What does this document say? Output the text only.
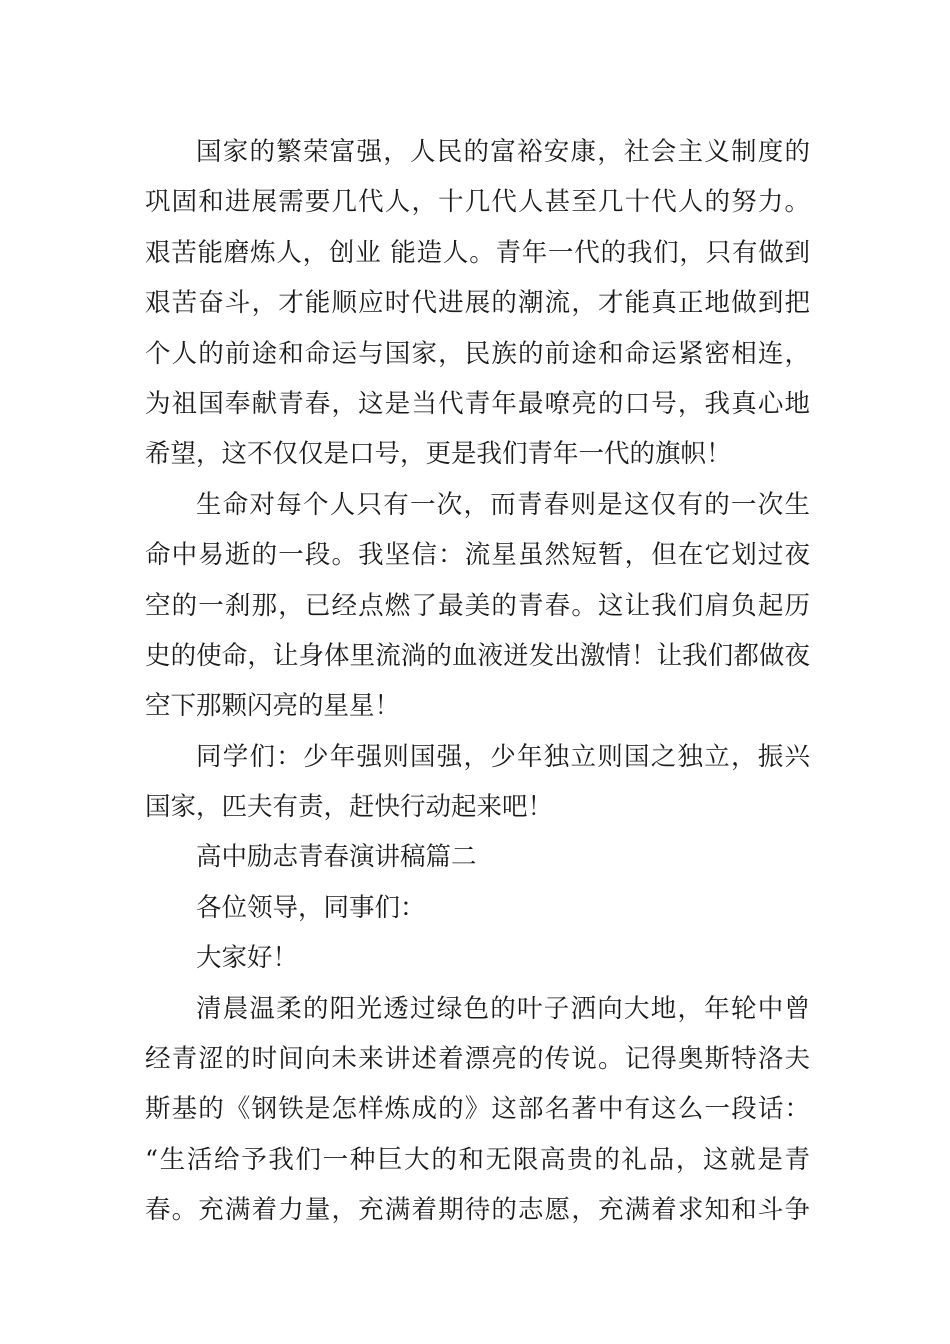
国家的繁荣富强，人民的富裕安康，社会主义制度的
巩固和进展需要几代人，十几代人甚至几十代人的努力。
艰苦能磨炼人，创业 能造人。青年一代的我们，只有做到
艰苦奋斗，才能顺应时代进展的潮流，才能真正地做到把
个人的前途和命运与国家，民族的前途和命运紧密相连，
为祖国奉献青春，这是当代青年最嘹亮的口号，我真心地
希望，这不仅仅是口号，更是我们青年一代的旗帜！
生命对每个人只有一次，而青春则是这仅有的一次生
命中易逝的一段。我坚信：流星虽然短暂，但在它划过夜
空的一刹那，已经点燃了最美的青春。这让我们肩负起历
史的使命，让身体里流淌的血液迸发出激情！让我们都做夜
空下那颗闪亮的星星！
同学们：少年强则国强，少年独立则国之独立，振兴
国家，匹夫有责，赶快行动起来吧！
高中励志青春演讲稿篇二
各位领导，同事们：
大家好！
清晨温柔的阳光透过绿色的叶子洒向大地，年轮中曾
经青涩的时间向未来讲述着漂亮的传说。记得奥斯特洛夫
斯基的《钢铁是怎样炼成的》这部名著中有这么一段话：
“生活给予我们一种巨大的和无限高贵的礼品，这就是青
春。充满着力量，充满着期待的志愿，充满着求知和斗争
